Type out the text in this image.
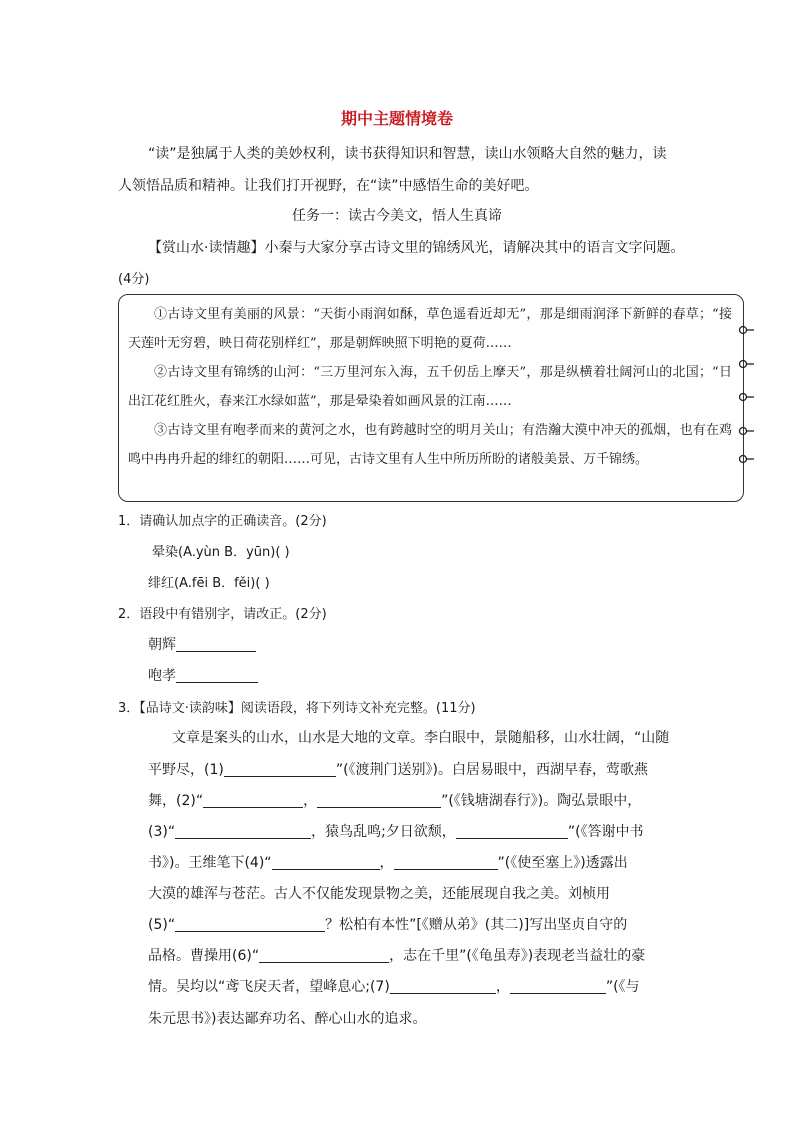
期中主题情境卷
“读”是独属于人类的美妙权利，读书获得知识和智慧，读山水领略大自然的魅力，读
人领悟品质和精神。让我们打开视野，在“读”中感悟生命的美好吧。
任务一：读古今美文，悟人生真谛
【赏山水·读情趣】小秦与大家分享古诗文里的锦绣风光，请解决其中的语言文字问题。
(4分)

①古诗文里有美丽的风景：“天街小雨润如酥，草色遥看近却无”，那是细雨润泽下新鲜的春草；“接天莲叶无穷碧，映日荷花别样红”，那是朝辉映照下明艳的夏荷……

②古诗文里有锦绣的山河：“三万里河东入海，五千仞岳上摩天”，那是纵横着壮阔河山的北国；“日出江花红胜火，春来江水绿如蓝”，那是晕染着如画风景的江南……

③古诗文里有咆孝而来的黄河之水，也有跨越时空的明月关山；有浩瀚大漠中冲天的孤烟，也有在鸡鸣中冉冉升起的绯红的朝阳……可见，古诗文里有人生中所历所盼的诸般美景、万千锦绣。

1．请确认加点字的正确读音。(2分)
晕染(A.yùn B．yūn)( )
绯红(A.fēi B．fěi)( )
2．语段中有错别字，请改正。(2分)
朝辉
咆孝
3．【品诗文·读韵味】阅读语段，将下列诗文补充完整。(11分)
文章是案头的山水，山水是大地的文章。李白眼中，景随船移，山水壮阔，“山随
平野尽，(1)	”(《渡荆门送别》)。白居易眼中，西湖早春，莺歌燕
舞，(2)“	，	”(《钱塘湖春行》)。陶弘景眼中，
(3)“	，猿鸟乱鸣;夕日欲颓，	”(《答谢中书
书》)。王维笔下(4)“	，	”(《使至塞上》)透露出
大漠的雄浑与苍茫。古人不仅能发现景物之美，还能展现自我之美。刘桢用
(5)“	？松柏有本性”[《赠从弟》(其二)]写出坚贞自守的
品格。曹操用(6)“	，志在千里”(《龟虽寿》)表现老当益壮的豪
情。吴均以“鸢飞戾天者，望峰息心;(7)	，	”(《与
朱元思书》)表达鄙弃功名、醉心山水的追求。
